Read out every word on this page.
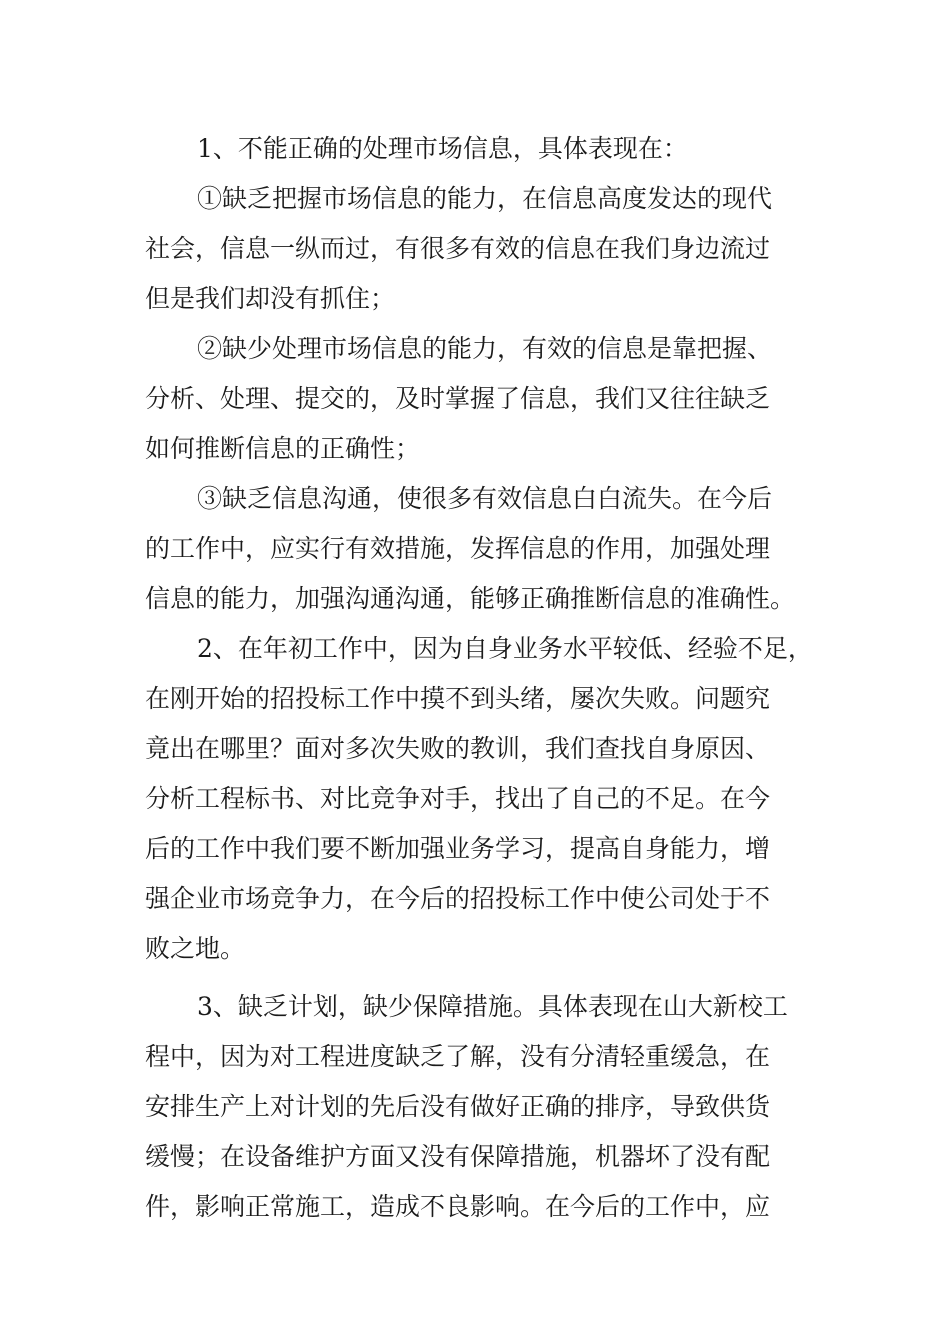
1、不能正确的处理市场信息，具体表现在：
①缺乏把握市场信息的能力，在信息高度发达的现代
社会，信息一纵而过，有很多有效的信息在我们身边流过
但是我们却没有抓住；
②缺少处理市场信息的能力，有效的信息是靠把握、
分析、处理、提交的，及时掌握了信息，我们又往往缺乏
如何推断信息的正确性；
③缺乏信息沟通，使很多有效信息白白流失。在今后
的工作中，应实行有效措施，发挥信息的作用，加强处理
信息的能力，加强沟通沟通，能够正确推断信息的准确性。
2、在年初工作中，因为自身业务水平较低、经验不足，
在刚开始的招投标工作中摸不到头绪，屡次失败。问题究
竟出在哪里？面对多次失败的教训，我们查找自身原因、
分析工程标书、对比竞争对手，找出了自己的不足。在今
后的工作中我们要不断加强业务学习，提高自身能力，增
强企业市场竞争力，在今后的招投标工作中使公司处于不
败之地。
3、缺乏计划，缺少保障措施。具体表现在山大新校工
程中，因为对工程进度缺乏了解，没有分清轻重缓急，在
安排生产上对计划的先后没有做好正确的排序，导致供货
缓慢；在设备维护方面又没有保障措施，机器坏了没有配
件，影响正常施工，造成不良影响。在今后的工作中，应
